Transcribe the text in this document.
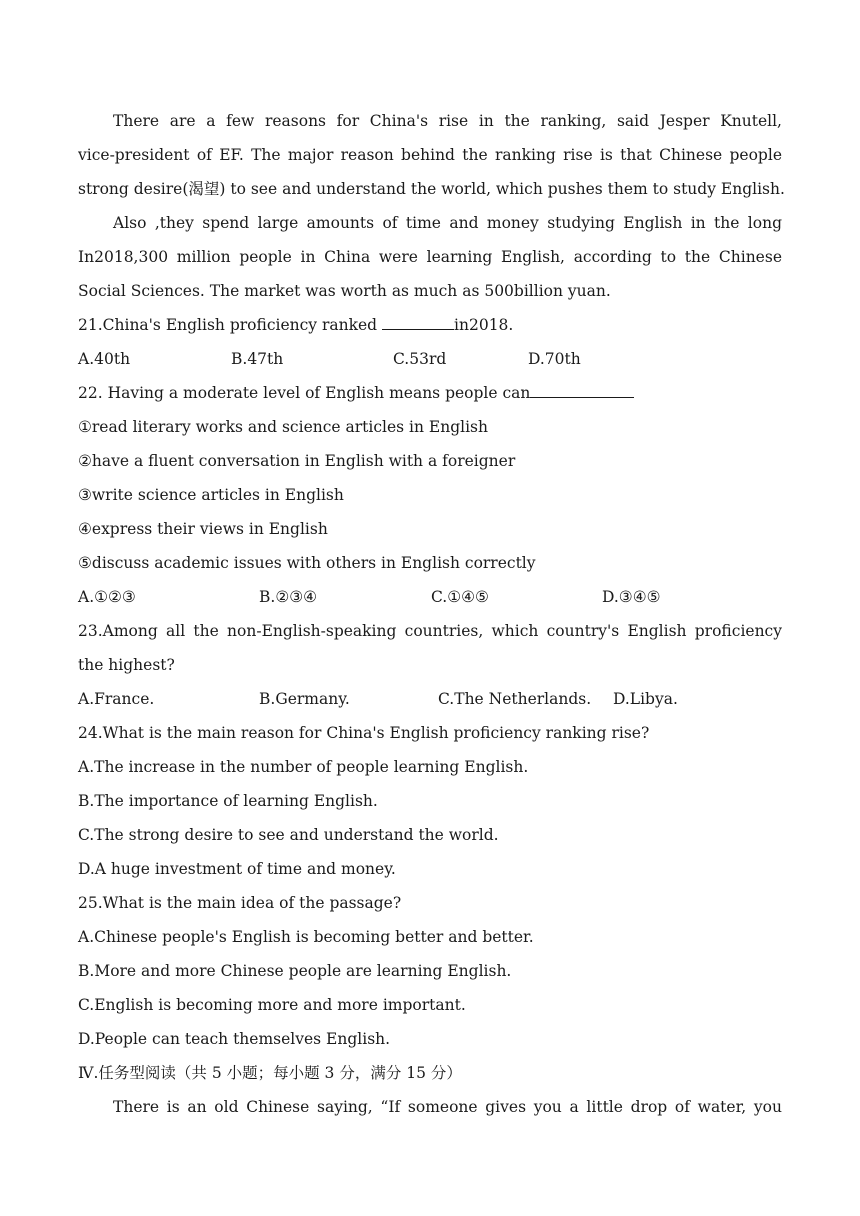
There are a few reasons for China's rise in the ranking, said Jesper Knutell,
vice-president of EF. The major reason behind the ranking rise is that Chinese people
strong desire(渴望) to see and understand the world, which pushes them to study English.
Also ,they spend large amounts of time and money studying English in the long
In2018,300 million people in China were learning English, according to the Chinese
Social Sciences. The market was worth as much as 500billion yuan.
21.China's English proficiency ranked	in2018.
A.40th	B.47th	C.53rd	D.70th
22. Having a moderate level of English means people can
①read literary works and science articles in English
②have a fluent conversation in English with a foreigner
③write science articles in English
④express their views in English
⑤discuss academic issues with others in English correctly
A.①②③	B.②③④	C.①④⑤	D.③④⑤
23.Among all the non-English-speaking countries, which country's English proficiency
the highest?
A.France.	B.Germany.	C.The Netherlands.	D.Libya.
24.What is the main reason for China's English proficiency ranking rise?
A.The increase in the number of people learning English.
B.The importance of learning English.
C.The strong desire to see and understand the world.
D.A huge investment of time and money.
25.What is the main idea of the passage?
A.Chinese people's English is becoming better and better.
B.More and more Chinese people are learning English.
C.English is becoming more and more important.
D.People can teach themselves English.
Ⅳ.任务型阅读（共 5 小题；每小题 3 分，满分 15 分）
There is an old Chinese saying, “If someone gives you a little drop of water, you
